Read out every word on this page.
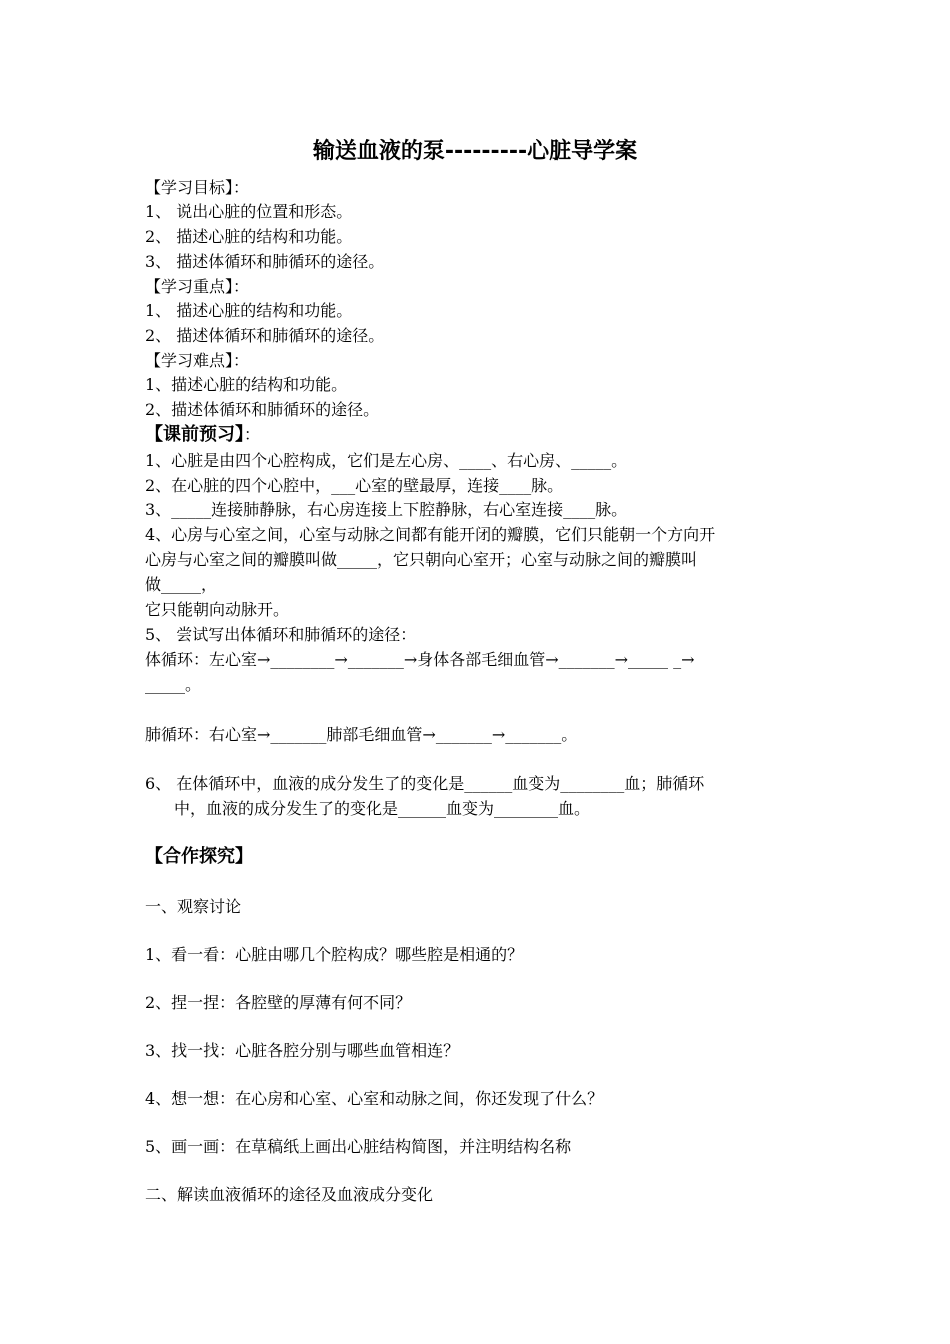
输送血液的泵---------心脏导学案
【学习目标】：
1、 说出心脏的位置和形态。
2、 描述心脏的结构和功能。
3、 描述体循环和肺循环的途径。
【学习重点】：
1、 描述心脏的结构和功能。
2、 描述体循环和肺循环的途径。
【学习难点】：
1、描述心脏的结构和功能。
2、描述体循环和肺循环的途径。
【课前预习】：
1、心脏是由四个心腔构成，它们是左心房、____、右心房、_____。
2、在心脏的四个心腔中，___心室的壁最厚，连接____脉。
3、_____连接肺静脉，右心房连接上下腔静脉，右心室连接____脉。
4、心房与心室之间，心室与动脉之间都有能开闭的瓣膜，它们只能朝一个方向开
心房与心室之间的瓣膜叫做_____，它只朝向心室开；心室与动脉之间的瓣膜叫
做_____，
它只能朝向动脉开。
5、 尝试写出体循环和肺循环的途径：
体循环：左心室→________→_______→身体各部毛细血管→_______→_____ _→
_____。
肺循环：右心室→_______肺部毛细血管→_______→_______。
6、 在体循环中，血液的成分发生了的变化是______血变为________血；肺循环
中，血液的成分发生了的变化是______血变为________血。
【合作探究】
一、观察讨论
1、看一看：心脏由哪几个腔构成？哪些腔是相通的？
2、捏一捏：各腔壁的厚薄有何不同？
3、找一找：心脏各腔分别与哪些血管相连？
4、想一想：在心房和心室、心室和动脉之间，你还发现了什么？
5、画一画：在草稿纸上画出心脏结构简图，并注明结构名称
二、解读血液循环的途径及血液成分变化
